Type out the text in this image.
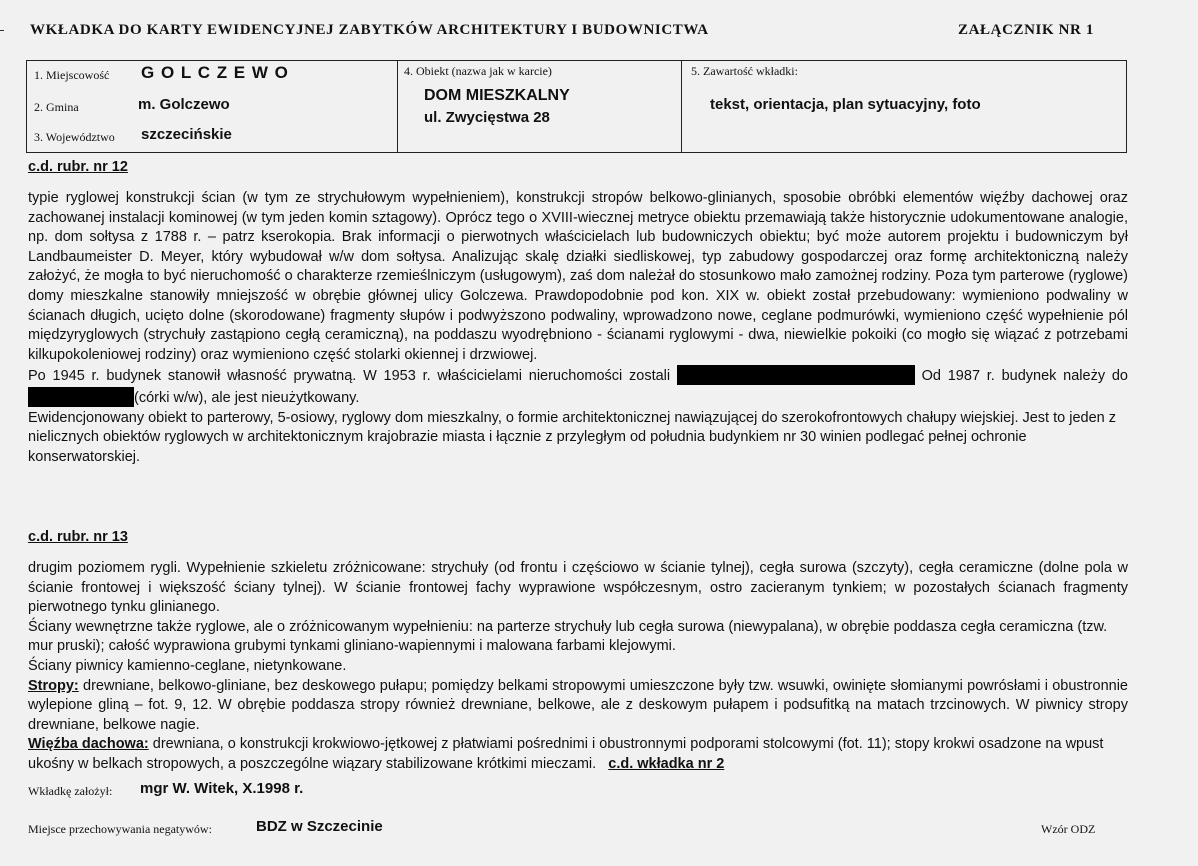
WKŁADKA DO KARTY EWIDENCYJNEJ ZABYTKÓW ARCHITEKTURY I BUDOWNICTWA	ZAŁĄCZNIK NR 1
1. Miejscowość G O L C Z E W O
2. Gmina	m. Golczewo
3. Województwo szczecińskie
4. Obiekt (nazwa jak w karcie)
DOM MIESZKALNY
ul. Zwycięstwa 28
5. Zawartość wkładki:
tekst, orientacja, plan sytuacyjny, foto
c.d. rubr. nr 12

typie ryglowej konstrukcji ścian (w tym ze strychułowym wypełnieniem), konstrukcji stropów belkowo-glinianych, sposobie obróbki elementów więźby dachowej oraz zachowanej instalacji kominowej (w tym jeden komin sztagowy). Oprócz tego o XVIII-wiecznej metryce obiektu przemawiają także historycznie udokumentowane analogie, np. dom sołtysa z 1788 r. – patrz kserokopia. Brak informacji o pierwotnych właścicielach lub budowniczych obiektu; być może autorem projektu i budowniczym był Landbaumeister D. Meyer, który wybudował w/w dom sołtysa. Analizując skalę działki siedliskowej, typ zabudowy gospodarczej oraz formę architektoniczną należy założyć, że mogła to być nieruchomość o charakterze rzemieślniczym (usługowym), zaś dom należał do stosunkowo mało zamożnej rodziny. Poza tym parterowe (ryglowe) domy mieszkalne stanowiły mniejszość w obrębie głównej ulicy Golczewa. Prawdopodobnie pod kon. XIX w. obiekt został przebudowany: wymieniono podwaliny w ścianach długich, ucięto dolne (skorodowane) fragmenty słupów i podwyższono podwaliny, wprowadzono nowe, ceglane podmurówki, wymieniono część wypełnienie pól międzyryglowych (strychuły zastąpiono cegłą ceramiczną), na poddaszu wyodrębniono - ścianami ryglowymi - dwa, niewielkie pokoiki (co mogło się wiązać z potrzebami kilkupokoleniowej rodziny) oraz wymieniono część stolarki okiennej i drzwiowej.

Po 1945 r. budynek stanowił własność prywatną. W 1953 r. właścicielami nieruchomości zostali	Od 1987 r. budynek należy do(córki w/w), ale jest nieużytkowany.

Ewidencjonowany obiekt to parterowy, 5-osiowy, ryglowy dom mieszkalny, o formie architektonicznej nawiązującej do szerokofrontowych chałupy wiejskiej. Jest to jeden z nielicznych obiektów ryglowych w architektonicznym krajobrazie miasta i łącznie z przyległym od południa budynkiem nr 30 winien podlegać pełnej ochronie konserwatorskiej.

c.d. rubr. nr 13

drugim poziomem rygli. Wypełnienie szkieletu zróżnicowane: strychuły (od frontu i częściowo w ścianie tylnej), cegła surowa (szczyty), cegła ceramiczne (dolne pola w ścianie frontowej i większość ściany tylnej). W ścianie frontowej fachy wyprawione współczesnym, ostro zacieranym tynkiem; w pozostałych ścianach fragmenty pierwotnego tynku glinianego.

Ściany wewnętrzne także ryglowe, ale o zróżnicowanym wypełnieniu: na parterze strychuły lub cegła surowa (niewypalana), w obrębie poddasza cegła ceramiczna (tzw. mur pruski); całość wyprawiona grubymi tynkami gliniano-wapiennymi i malowana farbami klejowymi.

Ściany piwnicy kamienno-ceglane, nietynkowane.

Stropy: drewniane, belkowo-gliniane, bez deskowego pułapu; pomiędzy belkami stropowymi umieszczone były tzw. wsuwki, owinięte słomianymi powrósłami i obustronnie wylepione gliną – fot. 9, 12. W obrębie poddasza stropy również drewniane, belkowe, ale z deskowym pułapem i podsufitką na matach trzcinowych. W piwnicy stropy drewniane, belkowe nagie.

Więźba dachowa: drewniana, o konstrukcji krokwiowo-jętkowej z płatwiami pośrednimi i obustronnymi podporami stolcowymi (fot. 11); stopy krokwi osadzone na wpust ukośny w belkach stropowych, a poszczególne wiązary stabilizowane krótkimi mieczami. c.d. wkładka nr 2

Wkładkę założył: mgr W. Witek, X.1998 r.
Miejsce przechowywania negatywów:	BDZ w Szczecinie	Wzór ODZ
